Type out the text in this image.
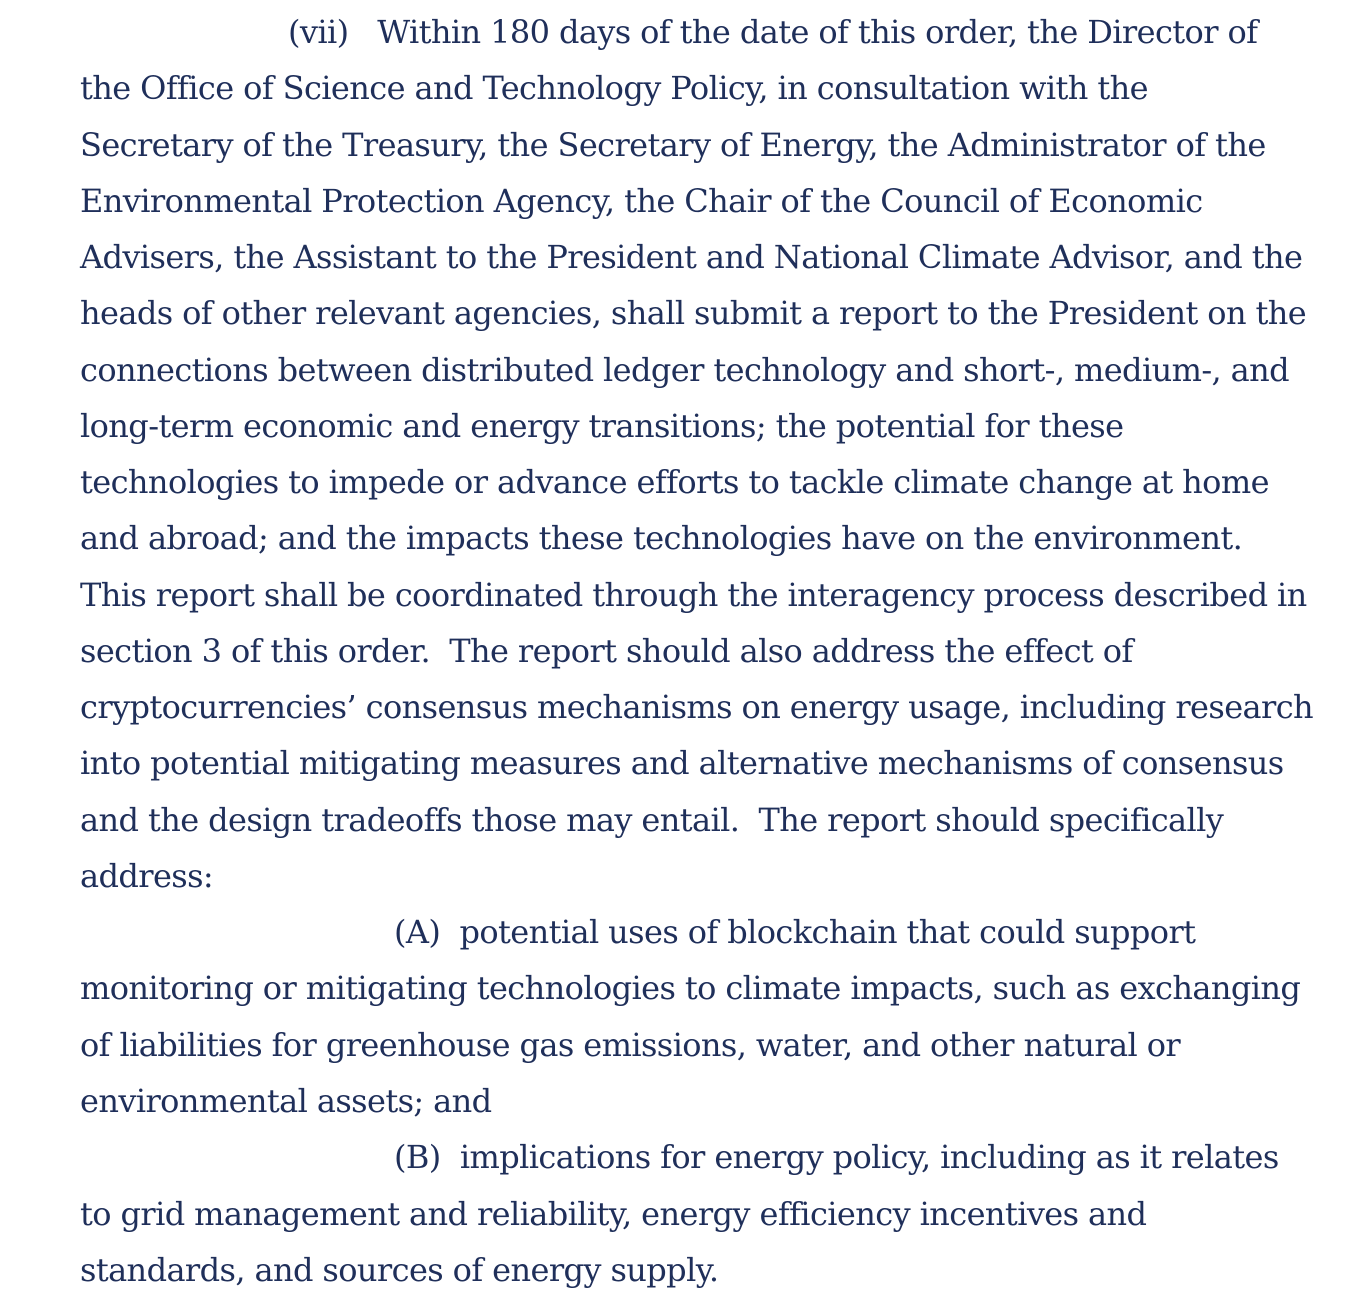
(vii) Within 180 days of the date of this order, the Director of
the Office of Science and Technology Policy, in consultation with the
Secretary of the Treasury, the Secretary of Energy, the Administrator of the
Environmental Protection Agency, the Chair of the Council of Economic
Advisers, the Assistant to the President and National Climate Advisor, and the
heads of other relevant agencies, shall submit a report to the President on the
connections between distributed ledger technology and short-, medium-, and
long-term economic and energy transitions; the potential for these
technologies to impede or advance efforts to tackle climate change at home
and abroad; and the impacts these technologies have on the environment.
This report shall be coordinated through the interagency process described in
section 3 of this order.  The report should also address the effect of
cryptocurrencies’ consensus mechanisms on energy usage, including research
into potential mitigating measures and alternative mechanisms of consensus
and the design tradeoffs those may entail.  The report should specifically
address:
(A) potential uses of blockchain that could support
monitoring or mitigating technologies to climate impacts, such as exchanging
of liabilities for greenhouse gas emissions, water, and other natural or
environmental assets; and
(B) implications for energy policy, including as it relates
to grid management and reliability, energy efficiency incentives and
standards, and sources of energy supply.
